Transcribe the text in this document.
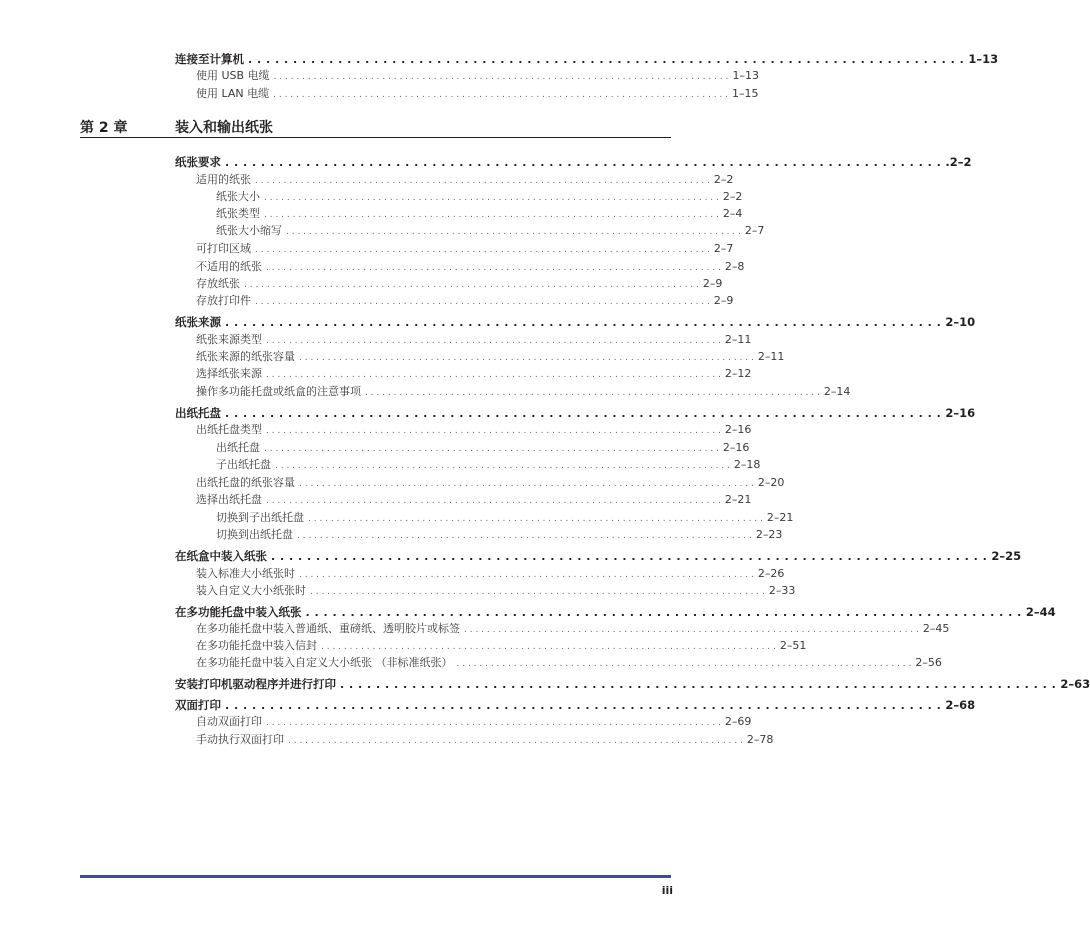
连接至计算机 . . . . . . . . . . . . . . . . . . . . . . . . . . . . . . . . . . . . . . . . . . . . . . . . . . . . . . . . . . . . . . . . . . . . . . . . . . . . . . . . 1–13
使用 USB 电缆 . . . . . . . . . . . . . . . . . . . . . . . . . . . . . . . . . . . . . . . . . . . . . . . . . . . . . . . . . . . . . . . . . . . . . . . . . . . . . . . . 1–13
使用 LAN 电缆 . . . . . . . . . . . . . . . . . . . . . . . . . . . . . . . . . . . . . . . . . . . . . . . . . . . . . . . . . . . . . . . . . . . . . . . . . . . . . . . . 1–15
第 2 章	装入和输出纸张
纸张要求 . . . . . . . . . . . . . . . . . . . . . . . . . . . . . . . . . . . . . . . . . . . . . . . . . . . . . . . . . . . . . . . . . . . . . . . . . . . . . . . . .2–2
适用的纸张 . . . . . . . . . . . . . . . . . . . . . . . . . . . . . . . . . . . . . . . . . . . . . . . . . . . . . . . . . . . . . . . . . . . . . . . . . . . . . . . . 2–2
纸张大小 . . . . . . . . . . . . . . . . . . . . . . . . . . . . . . . . . . . . . . . . . . . . . . . . . . . . . . . . . . . . . . . . . . . . . . . . . . . . . . . . 2–2
纸张类型 . . . . . . . . . . . . . . . . . . . . . . . . . . . . . . . . . . . . . . . . . . . . . . . . . . . . . . . . . . . . . . . . . . . . . . . . . . . . . . . . 2–4
纸张大小缩写 . . . . . . . . . . . . . . . . . . . . . . . . . . . . . . . . . . . . . . . . . . . . . . . . . . . . . . . . . . . . . . . . . . . . . . . . . . . . . . . . 2–7
可打印区域 . . . . . . . . . . . . . . . . . . . . . . . . . . . . . . . . . . . . . . . . . . . . . . . . . . . . . . . . . . . . . . . . . . . . . . . . . . . . . . . . 2–7
不适用的纸张 . . . . . . . . . . . . . . . . . . . . . . . . . . . . . . . . . . . . . . . . . . . . . . . . . . . . . . . . . . . . . . . . . . . . . . . . . . . . . . . . 2–8
存放纸张 . . . . . . . . . . . . . . . . . . . . . . . . . . . . . . . . . . . . . . . . . . . . . . . . . . . . . . . . . . . . . . . . . . . . . . . . . . . . . . . . 2–9
存放打印件 . . . . . . . . . . . . . . . . . . . . . . . . . . . . . . . . . . . . . . . . . . . . . . . . . . . . . . . . . . . . . . . . . . . . . . . . . . . . . . . . 2–9
纸张来源 . . . . . . . . . . . . . . . . . . . . . . . . . . . . . . . . . . . . . . . . . . . . . . . . . . . . . . . . . . . . . . . . . . . . . . . . . . . . . . . . 2–10
纸张来源类型 . . . . . . . . . . . . . . . . . . . . . . . . . . . . . . . . . . . . . . . . . . . . . . . . . . . . . . . . . . . . . . . . . . . . . . . . . . . . . . . . 2–11
纸张来源的纸张容量 . . . . . . . . . . . . . . . . . . . . . . . . . . . . . . . . . . . . . . . . . . . . . . . . . . . . . . . . . . . . . . . . . . . . . . . . . . . . . . . . 2–11
选择纸张来源 . . . . . . . . . . . . . . . . . . . . . . . . . . . . . . . . . . . . . . . . . . . . . . . . . . . . . . . . . . . . . . . . . . . . . . . . . . . . . . . . 2–12
操作多功能托盘或纸盒的注意事项 . . . . . . . . . . . . . . . . . . . . . . . . . . . . . . . . . . . . . . . . . . . . . . . . . . . . . . . . . . . . . . . . . . . . . . . . . . . . . . . . 2–14
出纸托盘 . . . . . . . . . . . . . . . . . . . . . . . . . . . . . . . . . . . . . . . . . . . . . . . . . . . . . . . . . . . . . . . . . . . . . . . . . . . . . . . . 2–16
出纸托盘类型 . . . . . . . . . . . . . . . . . . . . . . . . . . . . . . . . . . . . . . . . . . . . . . . . . . . . . . . . . . . . . . . . . . . . . . . . . . . . . . . . 2–16
出纸托盘 . . . . . . . . . . . . . . . . . . . . . . . . . . . . . . . . . . . . . . . . . . . . . . . . . . . . . . . . . . . . . . . . . . . . . . . . . . . . . . . . 2–16
子出纸托盘 . . . . . . . . . . . . . . . . . . . . . . . . . . . . . . . . . . . . . . . . . . . . . . . . . . . . . . . . . . . . . . . . . . . . . . . . . . . . . . . . 2–18
出纸托盘的纸张容量 . . . . . . . . . . . . . . . . . . . . . . . . . . . . . . . . . . . . . . . . . . . . . . . . . . . . . . . . . . . . . . . . . . . . . . . . . . . . . . . . 2–20
选择出纸托盘 . . . . . . . . . . . . . . . . . . . . . . . . . . . . . . . . . . . . . . . . . . . . . . . . . . . . . . . . . . . . . . . . . . . . . . . . . . . . . . . . 2–21
切换到子出纸托盘 . . . . . . . . . . . . . . . . . . . . . . . . . . . . . . . . . . . . . . . . . . . . . . . . . . . . . . . . . . . . . . . . . . . . . . . . . . . . . . . . 2–21
切换到出纸托盘 . . . . . . . . . . . . . . . . . . . . . . . . . . . . . . . . . . . . . . . . . . . . . . . . . . . . . . . . . . . . . . . . . . . . . . . . . . . . . . . . 2–23
在纸盒中装入纸张 . . . . . . . . . . . . . . . . . . . . . . . . . . . . . . . . . . . . . . . . . . . . . . . . . . . . . . . . . . . . . . . . . . . . . . . . . . . . . . . . 2–25
装入标准大小纸张时 . . . . . . . . . . . . . . . . . . . . . . . . . . . . . . . . . . . . . . . . . . . . . . . . . . . . . . . . . . . . . . . . . . . . . . . . . . . . . . . . 2–26
装入自定义大小纸张时 . . . . . . . . . . . . . . . . . . . . . . . . . . . . . . . . . . . . . . . . . . . . . . . . . . . . . . . . . . . . . . . . . . . . . . . . . . . . . . . . 2–33
在多功能托盘中装入纸张 . . . . . . . . . . . . . . . . . . . . . . . . . . . . . . . . . . . . . . . . . . . . . . . . . . . . . . . . . . . . . . . . . . . . . . . . . . . . . . . . 2–44
在多功能托盘中装入普通纸、重磅纸、透明胶片或标签 . . . . . . . . . . . . . . . . . . . . . . . . . . . . . . . . . . . . . . . . . . . . . . . . . . . . . . . . . . . . . . . . . . . . . . . . . . . . . . . . 2–45
在多功能托盘中装入信封 . . . . . . . . . . . . . . . . . . . . . . . . . . . . . . . . . . . . . . . . . . . . . . . . . . . . . . . . . . . . . . . . . . . . . . . . . . . . . . . . 2–51
在多功能托盘中装入自定义大小纸张 （非标准纸张） . . . . . . . . . . . . . . . . . . . . . . . . . . . . . . . . . . . . . . . . . . . . . . . . . . . . . . . . . . . . . . . . . . . . . . . . . . . . . . . . 2–56
安装打印机驱动程序并进行打印 . . . . . . . . . . . . . . . . . . . . . . . . . . . . . . . . . . . . . . . . . . . . . . . . . . . . . . . . . . . . . . . . . . . . . . . . . . . . . . . . 2–63
双面打印 . . . . . . . . . . . . . . . . . . . . . . . . . . . . . . . . . . . . . . . . . . . . . . . . . . . . . . . . . . . . . . . . . . . . . . . . . . . . . . . . 2–68
自动双面打印 . . . . . . . . . . . . . . . . . . . . . . . . . . . . . . . . . . . . . . . . . . . . . . . . . . . . . . . . . . . . . . . . . . . . . . . . . . . . . . . . 2–69
手动执行双面打印 . . . . . . . . . . . . . . . . . . . . . . . . . . . . . . . . . . . . . . . . . . . . . . . . . . . . . . . . . . . . . . . . . . . . . . . . . . . . . . . . 2–78
iii
